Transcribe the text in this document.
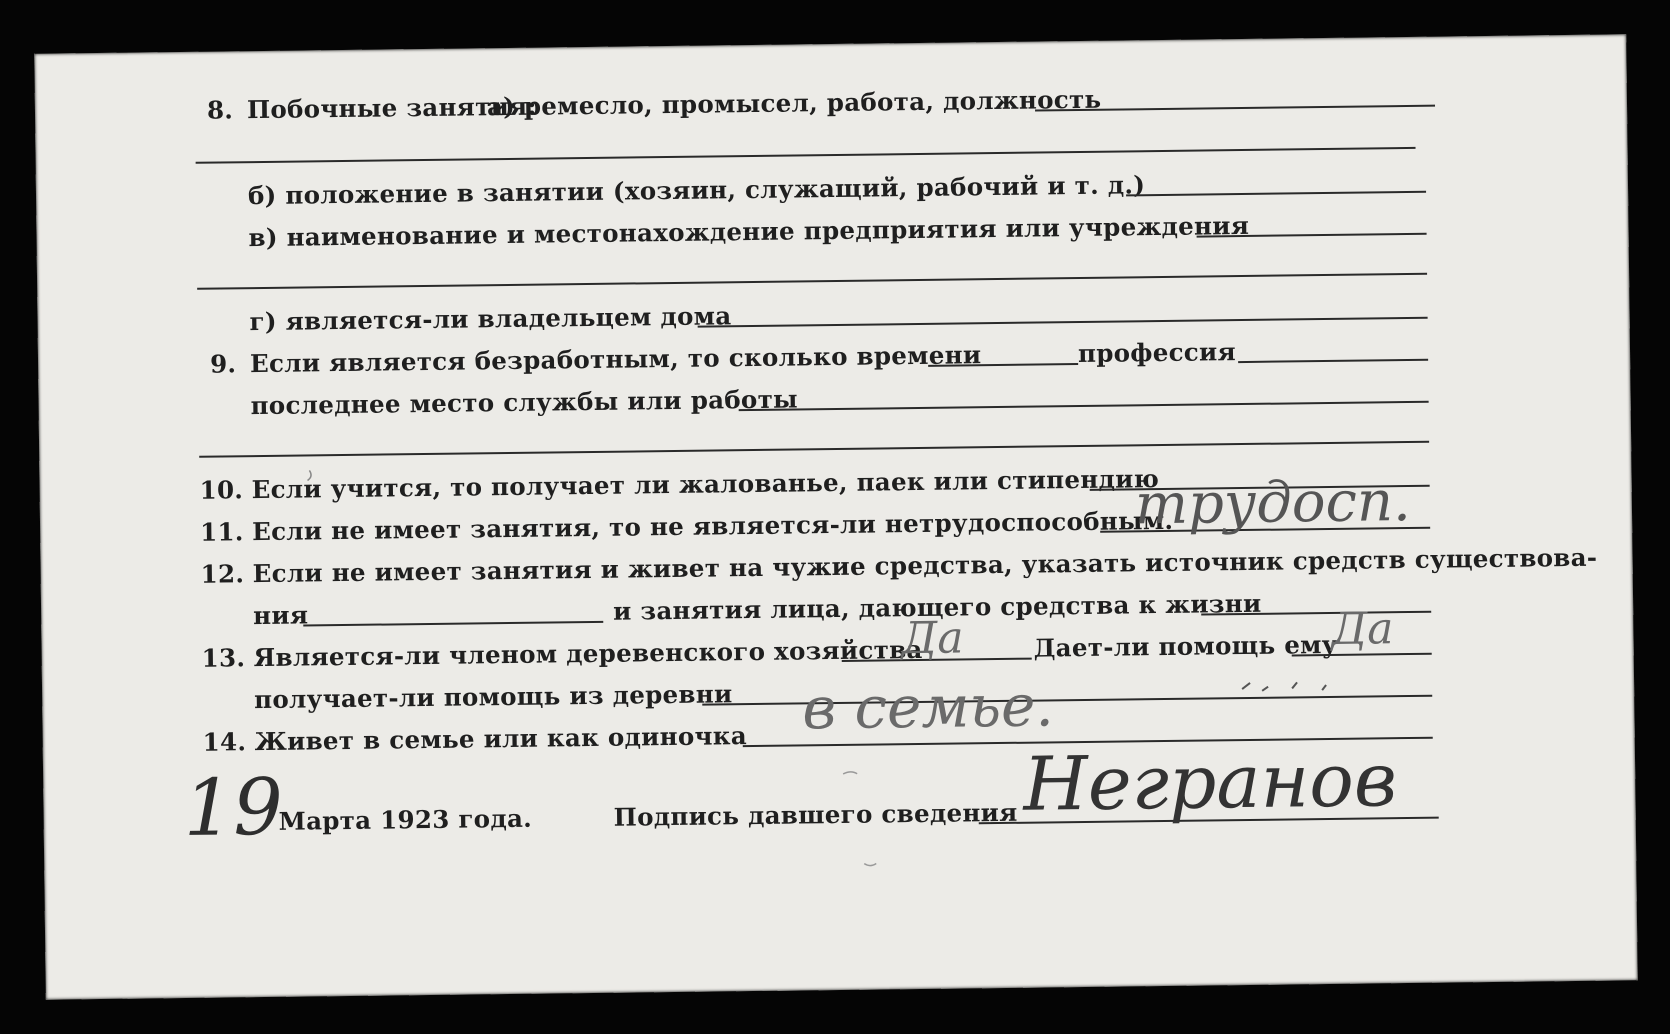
8. Побочные занятия:
а) ремесло, промысел, работа, должность
б) положение в занятии (хозяин, служащий, рабочий и т. д.)
в) наименование и местонахождение предприятия или учреждения
г) является-ли владельцем дома
9. Если является безработным, то сколько времени	профессия
последнее место службы или работы
10. Если учится, то получает ли жалованье, паек или стипендию
11. Если не имеет занятия, то не является-ли нетрудоспособным.
трудосп.
12. Если не имеет занятия и живет на чужие средства, указать источник средств существова-
ния	и занятия лица, дающего средства к жизни
13. Является-ли членом деревенского хозяйства
Да	Дает-ли помощь ему
Да
получает-ли помощь из деревни
14. Живет в семье или как одиночка в семье.
19
Марта 1923 года.	Подпись давшего сведения Негранов
